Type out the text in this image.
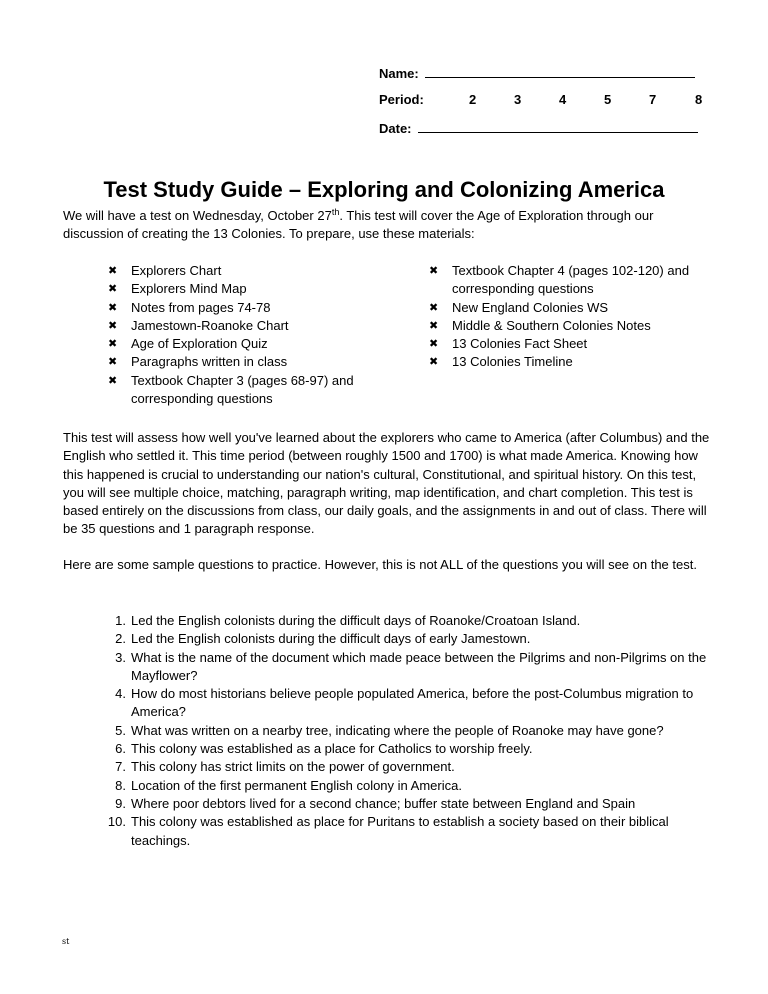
Name:
Period:	2	3	4	5	7	8
Date:
Test Study Guide – Exploring and Colonizing America

We will have a test on Wednesday, October 27th. This test will cover the Age of Exploration through our discussion of creating the 13 Colonies. To prepare, use these materials:

✖ Explorers Chart
✖ Explorers Mind Map
✖ Notes from pages 74-78
✖ Jamestown-Roanoke Chart
✖ Age of Exploration Quiz
✖ Paragraphs written in class
✖ Textbook Chapter 3 (pages 68-97) and corresponding questions
✖ Textbook Chapter 4 (pages 102-120) and corresponding questions
✖ New England Colonies WS
✖ Middle & Southern Colonies Notes
✖ 13 Colonies Fact Sheet
✖ 13 Colonies Timeline

This test will assess how well you've learned about the explorers who came to America (after Columbus) and the English who settled it. This time period (between roughly 1500 and 1700) is what made America. Knowing how this happened is crucial to understanding our nation's cultural, Constitutional, and spiritual history. On this test, you will see multiple choice, matching, paragraph writing, map identification, and chart completion. This test is based entirely on the discussions from class, our daily goals, and the assignments in and out of class. There will be 35 questions and 1 paragraph response.

Here are some sample questions to practice. However, this is not ALL of the questions you will see on the test.

1. Led the English colonists during the difficult days of Roanoke/Croatoan Island.
2. Led the English colonists during the difficult days of early Jamestown.
3. What is the name of the document which made peace between the Pilgrims and non-Pilgrims on the Mayflower?
4. How do most historians believe people populated America, before the post-Columbus migration to America?
5. What was written on a nearby tree, indicating where the people of Roanoke may have gone?
6. This colony was established as a place for Catholics to worship freely.
7. This colony has strict limits on the power of government.
8. Location of the first permanent English colony in America.
9. Where poor debtors lived for a second chance; buffer state between England and Spain
10. This colony was established as place for Puritans to establish a society based on their biblical teachings.
st
